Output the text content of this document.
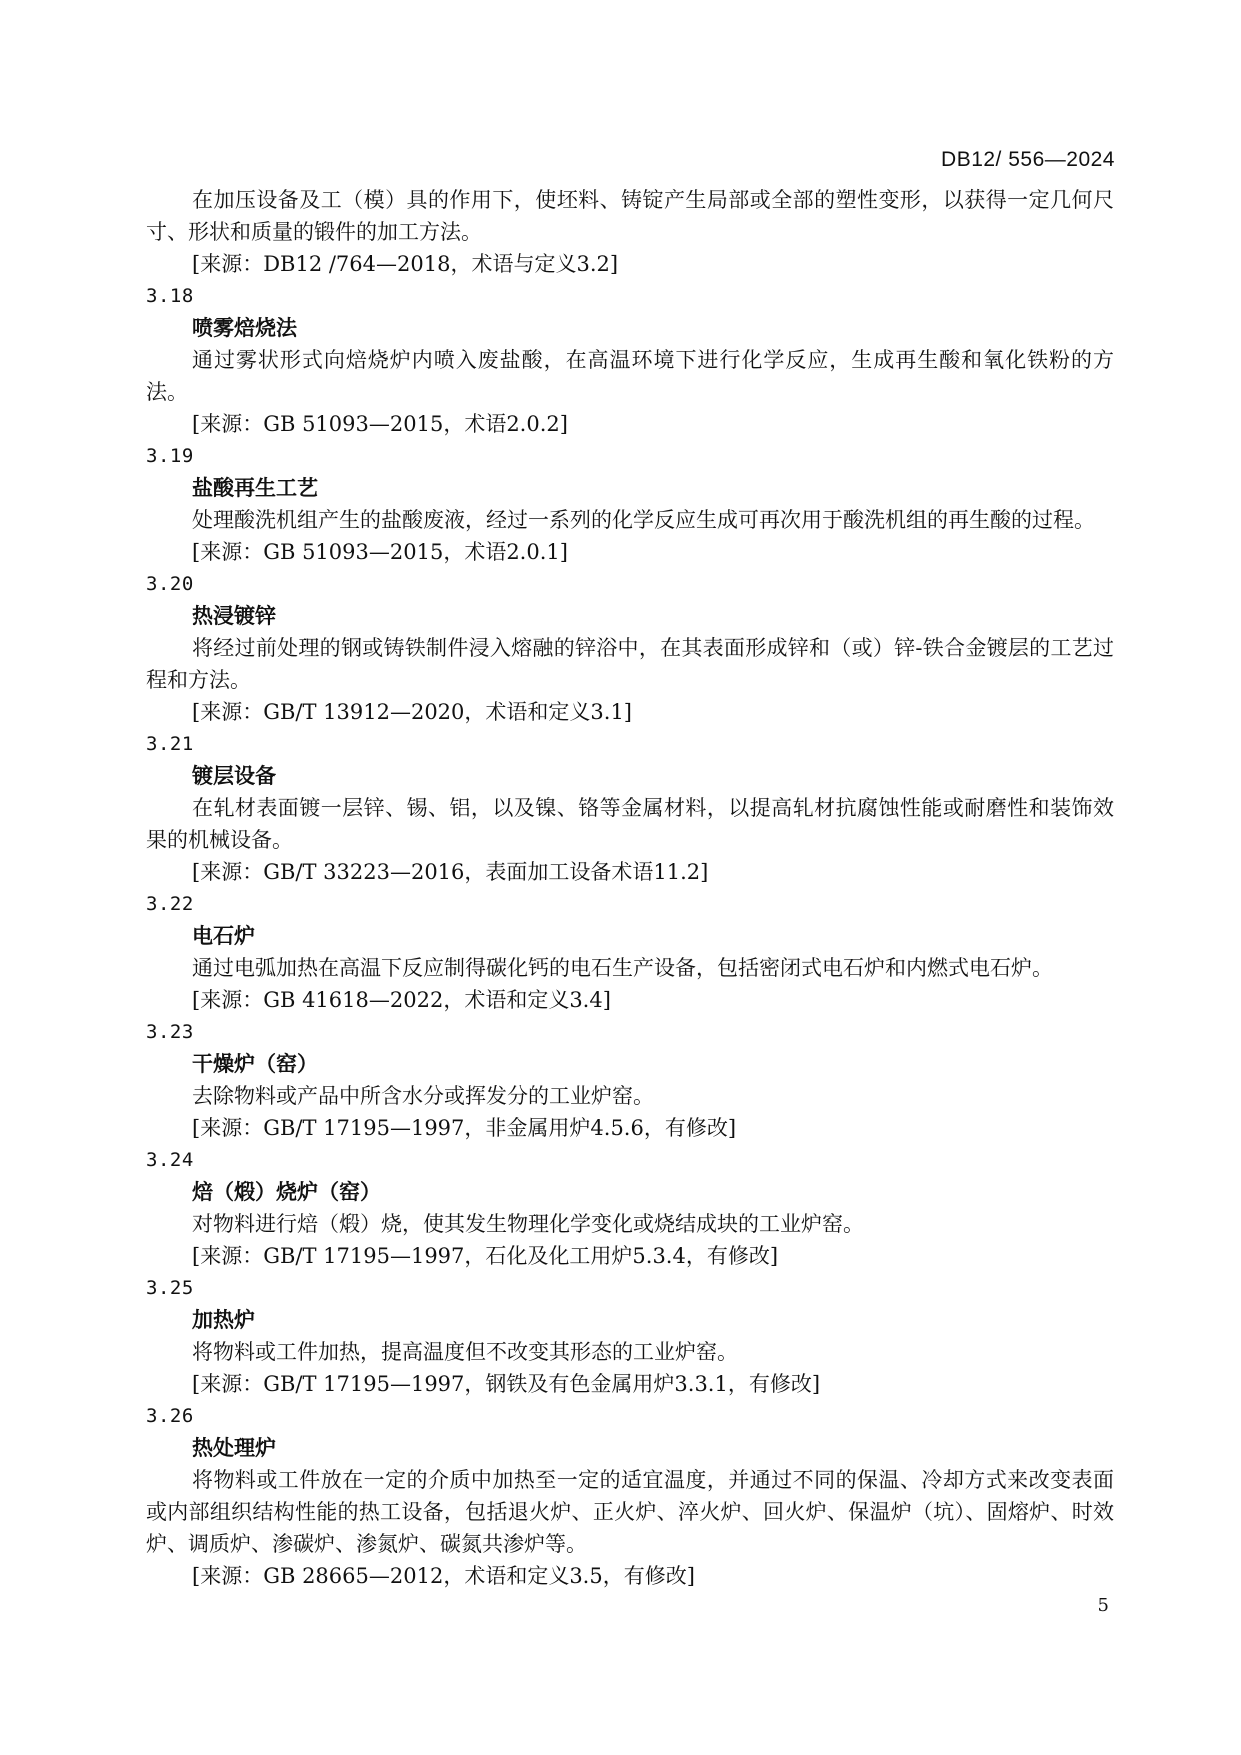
DB12/ 556—2024

在加压设备及工（模）具的作用下，使坯料、铸锭产生局部或全部的塑性变形，以获得一定几何尺寸、形状和质量的锻件的加工方法。

[来源：DB12 /764—2018，术语与定义3.2]

3.18

喷雾焙烧法

通过雾状形式向焙烧炉内喷入废盐酸，在高温环境下进行化学反应，生成再生酸和氧化铁粉的方法。

[来源：GB 51093—2015，术语2.0.2]

3.19

盐酸再生工艺

处理酸洗机组产生的盐酸废液，经过一系列的化学反应生成可再次用于酸洗机组的再生酸的过程。

[来源：GB 51093—2015，术语2.0.1]

3.20

热浸镀锌

将经过前处理的钢或铸铁制件浸入熔融的锌浴中，在其表面形成锌和（或）锌-铁合金镀层的工艺过程和方法。

[来源：GB/T 13912—2020，术语和定义3.1]

3.21

镀层设备

在轧材表面镀一层锌、锡、铝，以及镍、铬等金属材料，以提高轧材抗腐蚀性能或耐磨性和装饰效果的机械设备。

[来源：GB/T 33223—2016，表面加工设备术语11.2]

3.22

电石炉

通过电弧加热在高温下反应制得碳化钙的电石生产设备，包括密闭式电石炉和内燃式电石炉。

[来源：GB 41618—2022，术语和定义3.4]

3.23

干燥炉（窑）

去除物料或产品中所含水分或挥发分的工业炉窑。

[来源：GB/T 17195—1997，非金属用炉4.5.6，有修改]

3.24

焙（煅）烧炉（窑）

对物料进行焙（煅）烧，使其发生物理化学变化或烧结成块的工业炉窑。

[来源：GB/T 17195—1997，石化及化工用炉5.3.4，有修改]

3.25

加热炉

将物料或工件加热，提高温度但不改变其形态的工业炉窑。

[来源：GB/T 17195—1997，钢铁及有色金属用炉3.3.1，有修改]

3.26

热处理炉

将物料或工件放在一定的介质中加热至一定的适宜温度，并通过不同的保温、冷却方式来改变表面或内部组织结构性能的热工设备，包括退火炉、正火炉、淬火炉、回火炉、保温炉（坑）、固熔炉、时效炉、调质炉、渗碳炉、渗氮炉、碳氮共渗炉等。

[来源：GB 28665—2012，术语和定义3.5，有修改]

5
